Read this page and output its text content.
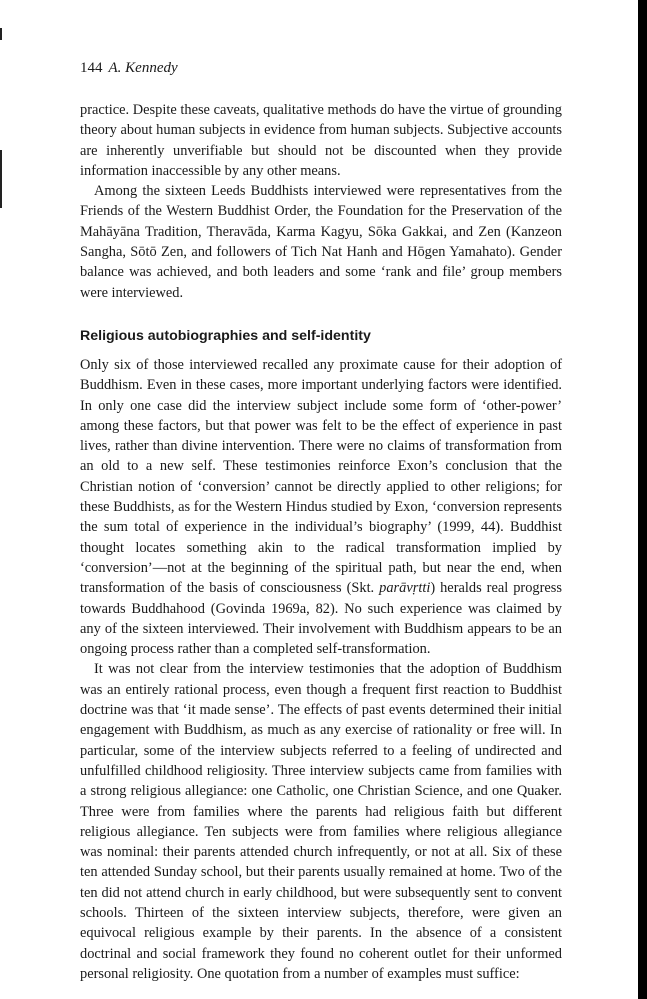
144 A. Kennedy

practice. Despite these caveats, qualitative methods do have the virtue of grounding theory about human subjects in evidence from human subjects. Subjective accounts are inherently unverifiable but should not be discounted when they provide information inaccessible by any other means.

Among the sixteen Leeds Buddhists interviewed were representatives from the Friends of the Western Buddhist Order, the Foundation for the Preservation of the Mahāyāna Tradition, Theravāda, Karma Kagyu, Sōka Gakkai, and Zen (Kanzeon Sangha, Sōtō Zen, and followers of Tich Nat Hanh and Hōgen Yamahato). Gender balance was achieved, and both leaders and some ‘rank and file’ group members were interviewed.

Religious autobiographies and self-identity

Only six of those interviewed recalled any proximate cause for their adoption of Buddhism. Even in these cases, more important underlying factors were identified. In only one case did the interview subject include some form of ‘other-power’ among these factors, but that power was felt to be the effect of experience in past lives, rather than divine intervention. There were no claims of transformation from an old to a new self. These testimonies reinforce Exon’s conclusion that the Christian notion of ‘conversion’ cannot be directly applied to other religions; for these Buddhists, as for the Western Hindus studied by Exon, ‘conversion represents the sum total of experience in the individual’s biography’ (1999, 44). Buddhist thought locates something akin to the radical transformation implied by ‘conversion’—not at the beginning of the spiritual path, but near the end, when transformation of the basis of consciousness (Skt. parāvṛtti) heralds real progress towards Buddhahood (Govinda 1969a, 82). No such experience was claimed by any of the sixteen interviewed. Their involvement with Buddhism appears to be an ongoing process rather than a completed self-transformation.

It was not clear from the interview testimonies that the adoption of Buddhism was an entirely rational process, even though a frequent first reaction to Buddhist doctrine was that ‘it made sense’. The effects of past events determined their initial engagement with Buddhism, as much as any exercise of rationality or free will. In particular, some of the interview subjects referred to a feeling of undirected and unfulfilled childhood religiosity. Three interview subjects came from families with a strong religious allegiance: one Catholic, one Christian Science, and one Quaker. Three were from families where the parents had religious faith but different religious allegiance. Ten subjects were from families where religious allegiance was nominal: their parents attended church infrequently, or not at all. Six of these ten attended Sunday school, but their parents usually remained at home. Two of the ten did not attend church in early childhood, but were subsequently sent to convent schools. Thirteen of the sixteen interview subjects, therefore, were given an equivocal religious example by their parents. In the absence of a consistent doctrinal and social framework they found no coherent outlet for their unformed personal religiosity. One quotation from a number of examples must suffice:
